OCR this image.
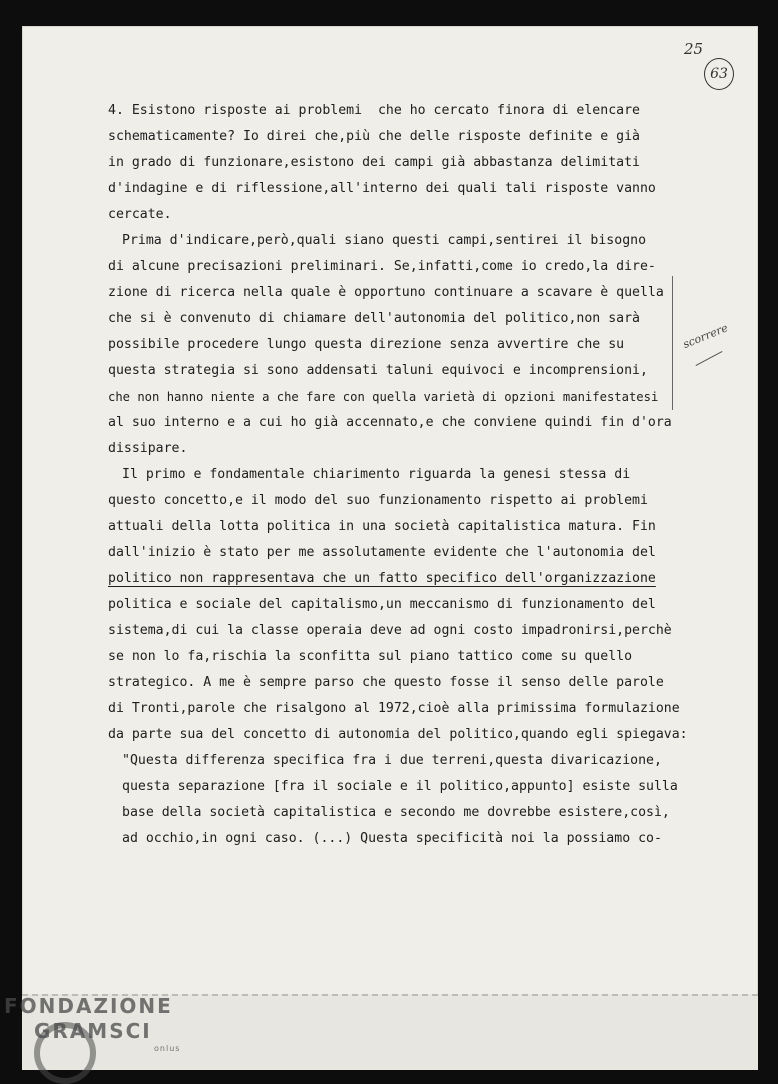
25
63
scorrere
4. Esistono risposte ai problemi  che ho cercato finora di elencare
schematicamente? Io direi che,più che delle risposte definite e già
in grado di funzionare,esistono dei campi già abbastanza delimitati
d'indagine e di riflessione,all'interno dei quali tali risposte vanno
cercate.
Prima d'indicare,però,quali siano questi campi,sentirei il bisogno
di alcune precisazioni preliminari. Se,infatti,come io credo,la dire-
zione di ricerca nella quale è opportuno continuare a scavare è quella
che si è convenuto di chiamare dell'autonomia del politico,non sarà
possibile procedere lungo questa direzione senza avvertire che su
questa strategia si sono addensati taluni equivoci e incomprensioni,
che non hanno niente a che fare con quella varietà di opzioni manifestatesi
al suo interno e a cui ho già accennato,e che conviene quindi fin d'ora
dissipare.
Il primo e fondamentale chiarimento riguarda la genesi stessa di
questo concetto,e il modo del suo funzionamento rispetto ai problemi
attuali della lotta politica in una società capitalistica matura. Fin
dall'inizio è stato per me assolutamente evidente che l'autonomia del
politico non rappresentava che un fatto specifico dell'organizzazione
politica e sociale del capitalismo,un meccanismo di funzionamento del
sistema,di cui la classe operaia deve ad ogni costo impadronirsi,perchè
se non lo fa,rischia la sconfitta sul piano tattico come su quello
strategico. A me è sempre parso che questo fosse il senso delle parole
di Tronti,parole che risalgono al 1972,cioè alla primissima formulazione
da parte sua del concetto di autonomia del politico,quando egli spiegava:
"Questa differenza specifica fra i due terreni,questa divaricazione,
questa separazione [fra il sociale e il politico,appunto] esiste sulla
base della società capitalistica e secondo me dovrebbe esistere,così,
ad occhio,in ogni caso. (...) Questa specificità noi la possiamo co-
FONDAZIONE
GRAMSCI
onlus
